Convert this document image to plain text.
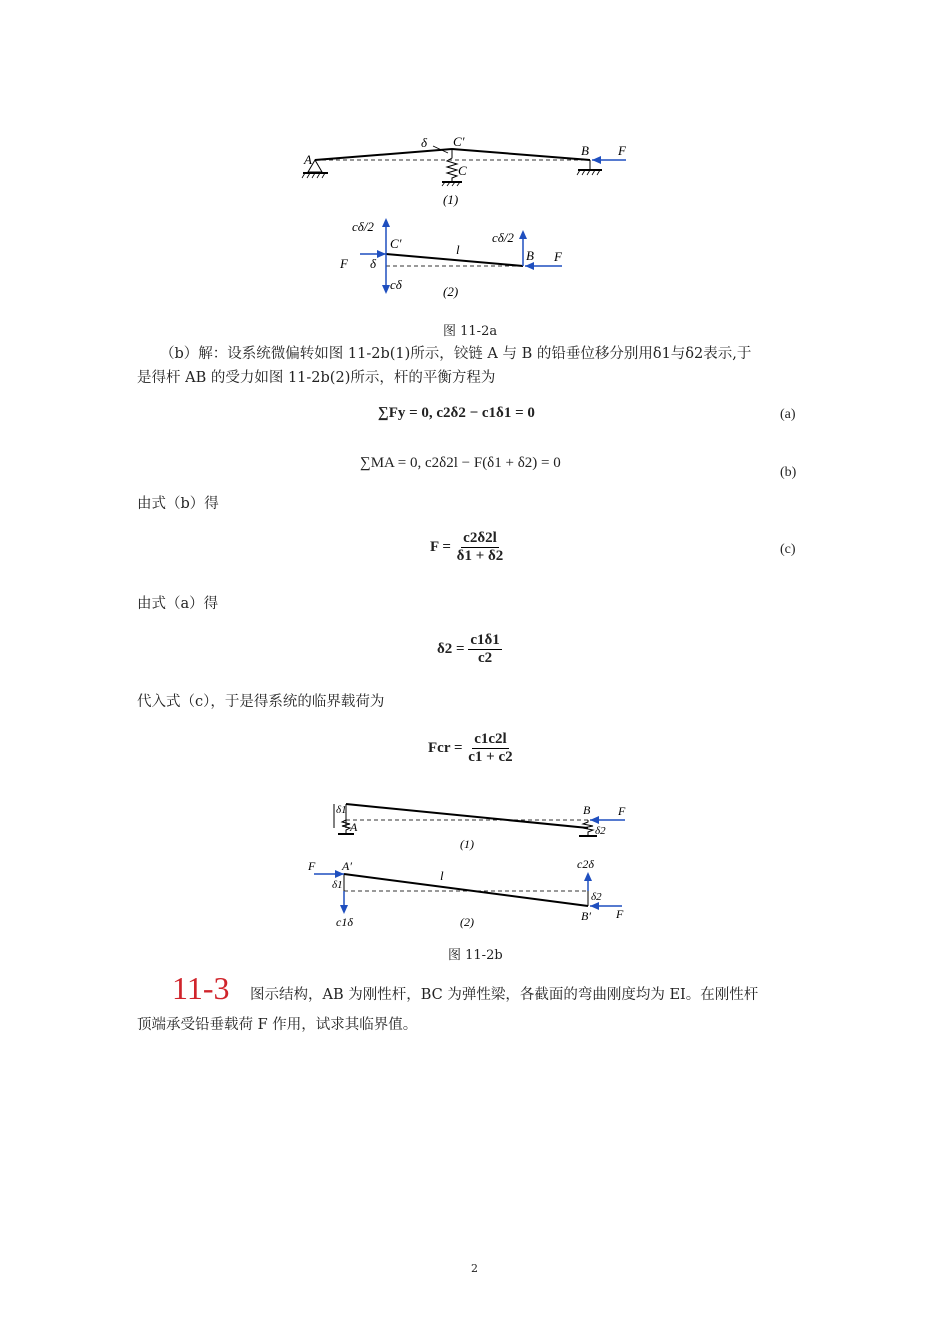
A
δ C′
C
B F
(1)
cδ/2
C′	l
cδ/2
B F
F δ
cδ	(2)
图 11-2a
（b）解：设系统微偏转如图 11-2b(1)所示，铰链 A 与 B 的铅垂位移分别用δ1与δ2表示,于
是得杆 AB 的受力如图 11-2b(2)所示，杆的平衡方程为
∑Fy = 0, c2δ2 − c1δ1 = 0	(a)
∑MA = 0, c2δ2l − F(δ1 + δ2) = 0
(b)
由式（b）得
$F = \frac{c2\delta 2l}{\delta 1 + \delta 2}$	(c)
由式（a）得
$\delta 2 = \frac{c1\delta 1}{c2}$
代入式（c），于是得系统的临界载荷为
Fcr = $\frac{c1c2l}{c1 + c2}$
δ1
A
B F
δ2
(1)
F A′
δ1
l
c1δ
c2δ
δ2
B′ F
(2)
图 11-2b
11-3 图示结构，AB 为刚性杆，BC 为弹性梁，各截面的弯曲刚度均为 EI。在刚性杆
顶端承受铅垂载荷 F 作用，试求其临界值。
2
